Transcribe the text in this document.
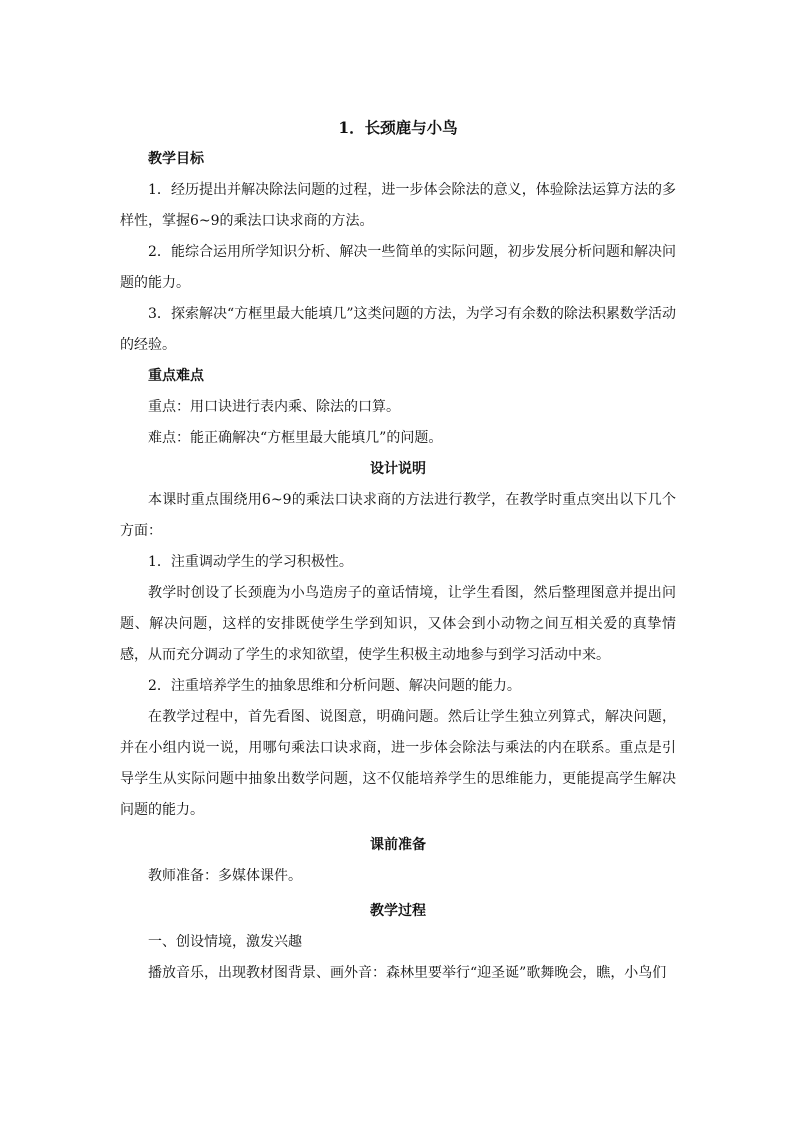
1．长颈鹿与小鸟

教学目标

1．经历提出并解决除法问题的过程，进一步体会除法的意义，体验除法运算方法的多样性，掌握6~9的乘法口诀求商的方法。

2．能综合运用所学知识分析、解决一些简单的实际问题，初步发展分析问题和解决问题的能力。

3．探索解决“方框里最大能填几”这类问题的方法，为学习有余数的除法积累数学活动的经验。

重点难点

重点：用口诀进行表内乘、除法的口算。

难点：能正确解决“方框里最大能填几”的问题。

设计说明

本课时重点围绕用6~9的乘法口诀求商的方法进行教学，在教学时重点突出以下几个方面：

1．注重调动学生的学习积极性。

教学时创设了长颈鹿为小鸟造房子的童话情境，让学生看图，然后整理图意并提出问题、解决问题，这样的安排既使学生学到知识，又体会到小动物之间互相关爱的真挚情感，从而充分调动了学生的求知欲望，使学生积极主动地参与到学习活动中来。

2．注重培养学生的抽象思维和分析问题、解决问题的能力。

在教学过程中，首先看图、说图意，明确问题。然后让学生独立列算式，解决问题，并在小组内说一说，用哪句乘法口诀求商，进一步体会除法与乘法的内在联系。重点是引导学生从实际问题中抽象出数学问题，这不仅能培养学生的思维能力，更能提高学生解决问题的能力。

课前准备

教师准备：多媒体课件。

教学过程

一、创设情境，激发兴趣

播放音乐，出现教材图背景、画外音：森林里要举行“迎圣诞”歌舞晚会，瞧，小鸟们
